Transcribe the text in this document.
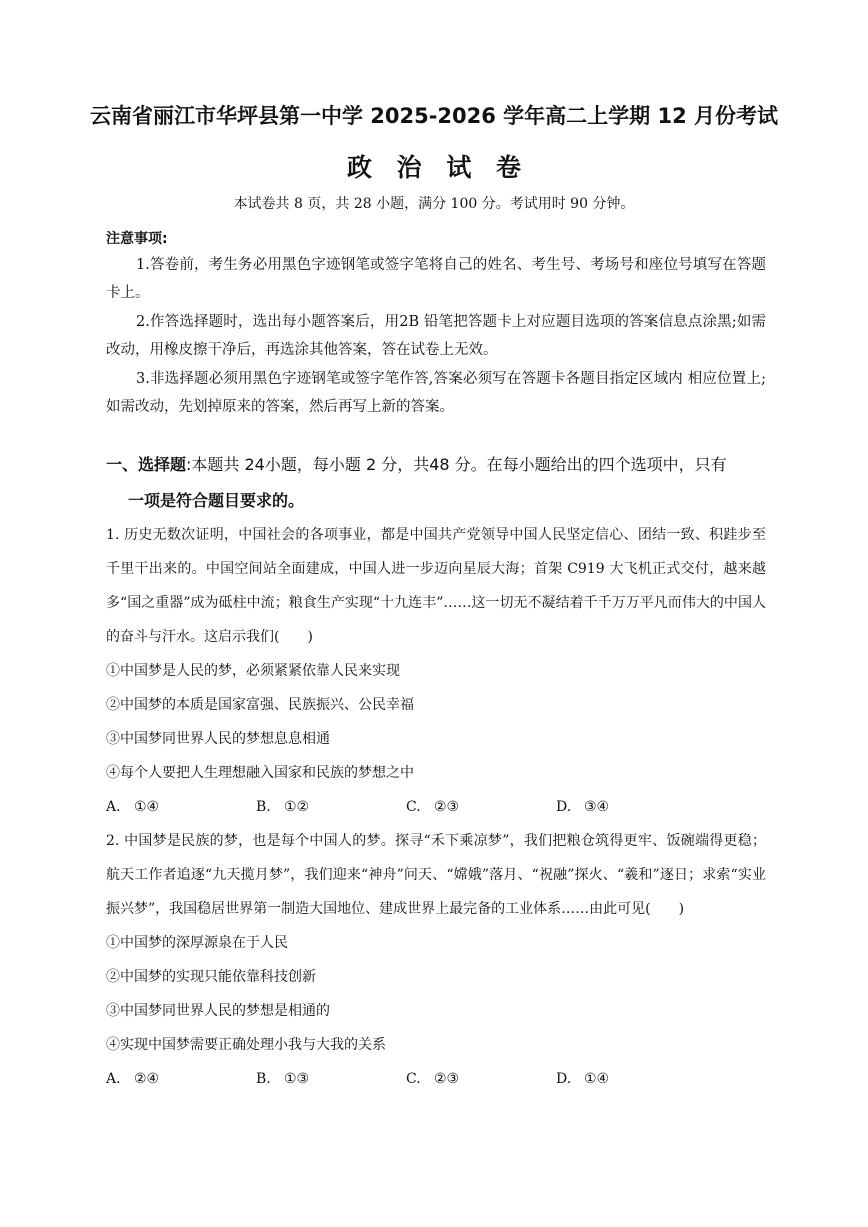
云南省丽江市华坪县第一中学 2025-2026 学年高二上学期 12 月份考试
政 治 试 卷
本试卷共 8 页，共 28 小题，满分 100 分。考试用时 90 分钟。
注意事项:

1.答卷前，考生务必用黑色字迹钢笔或签字笔将自己的姓名、考生号、考场号和座位号填写在答题卡上。

2.作答选择题时，选出每小题答案后，用2B 铅笔把答题卡上对应题目选项的答案信息点涂黑;如需改动，用橡皮擦干净后，再选涂其他答案，答在试卷上无效。

3.非选择题必须用黑色字迹钢笔或签字笔作答,答案必须写在答题卡各题目指定区域内 相应位置上;如需改动，先划掉原来的答案，然后再写上新的答案。

一、选择题:本题共 24小题，每小题 2 分，共48 分。在每小题给出的四个选项中，只有
一项是符合题目要求的。

1. 历史无数次证明，中国社会的各项事业，都是中国共产党领导中国人民坚定信心、团结一致、积跬步至千里干出来的。中国空间站全面建成，中国人进一步迈向星辰大海；首架 C919 大飞机正式交付，越来越多“国之重器”成为砥柱中流；粮食生产实现“十九连丰”……这一切无不凝结着千千万万平凡而伟大的中国人的奋斗与汗水。这启示我们(　　)

①中国梦是人民的梦，必须紧紧依靠人民来实现

②中国梦的本质是国家富强、民族振兴、公民幸福

③中国梦同世界人民的梦想息息相通

④每个人要把人生理想融入国家和民族的梦想之中

A. ①④	B. ①②	C. ②③	D. ③④

2. 中国梦是民族的梦，也是每个中国人的梦。探寻“禾下乘凉梦”，我们把粮仓筑得更牢、饭碗端得更稳；航天工作者追逐“九天揽月梦”，我们迎来“神舟”问天、“嫦娥”落月、“祝融”探火、“羲和”逐日；求索“实业振兴梦”，我国稳居世界第一制造大国地位、建成世界上最完备的工业体系……由此可见(　　)

①中国梦的深厚源泉在于人民

②中国梦的实现只能依靠科技创新

③中国梦同世界人民的梦想是相通的

④实现中国梦需要正确处理小我与大我的关系

A. ②④	B. ①③	C. ②③	D. ①④
